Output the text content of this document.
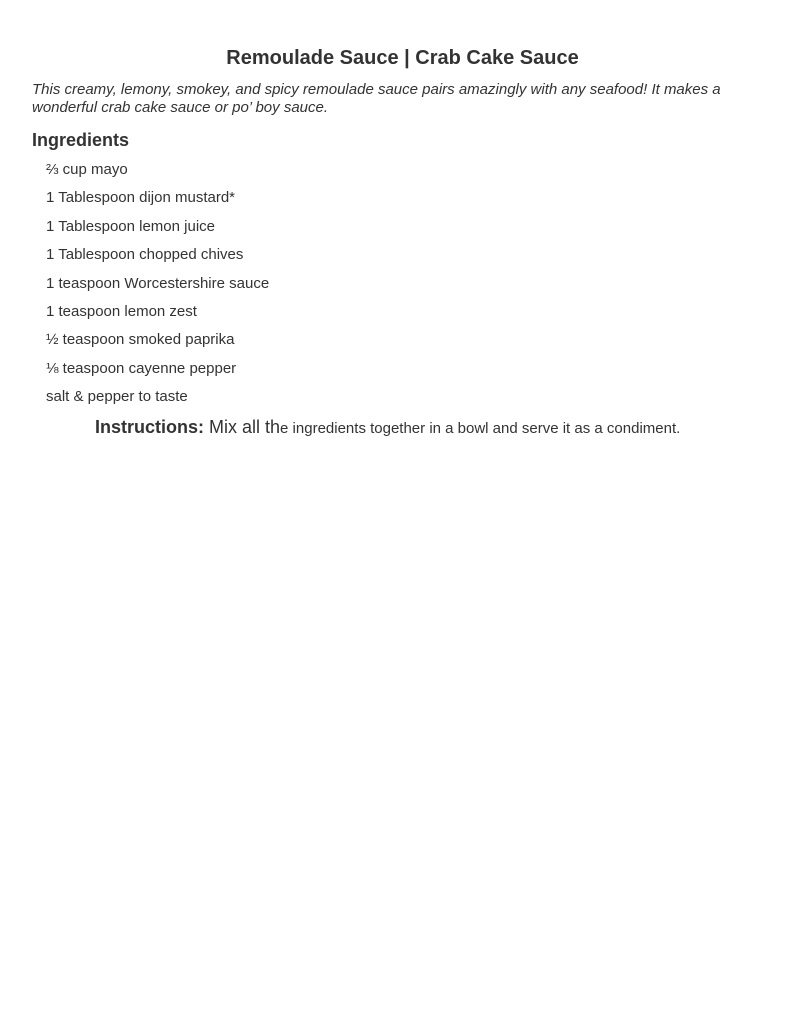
Remoulade Sauce | Crab Cake Sauce

This creamy, lemony, smokey, and spicy remoulade sauce pairs amazingly with any seafood! It makes a wonderful crab cake sauce or po’ boy sauce.

Ingredients
⅔ cup mayo
1 Tablespoon dijon mustard*
1 Tablespoon lemon juice
1 Tablespoon chopped chives
1 teaspoon Worcestershire sauce
1 teaspoon lemon zest
½ teaspoon smoked paprika
⅛ teaspoon cayenne pepper
salt & pepper to taste

Instructions: Mix all the ingredients together in a bowl and serve it as a condiment.
